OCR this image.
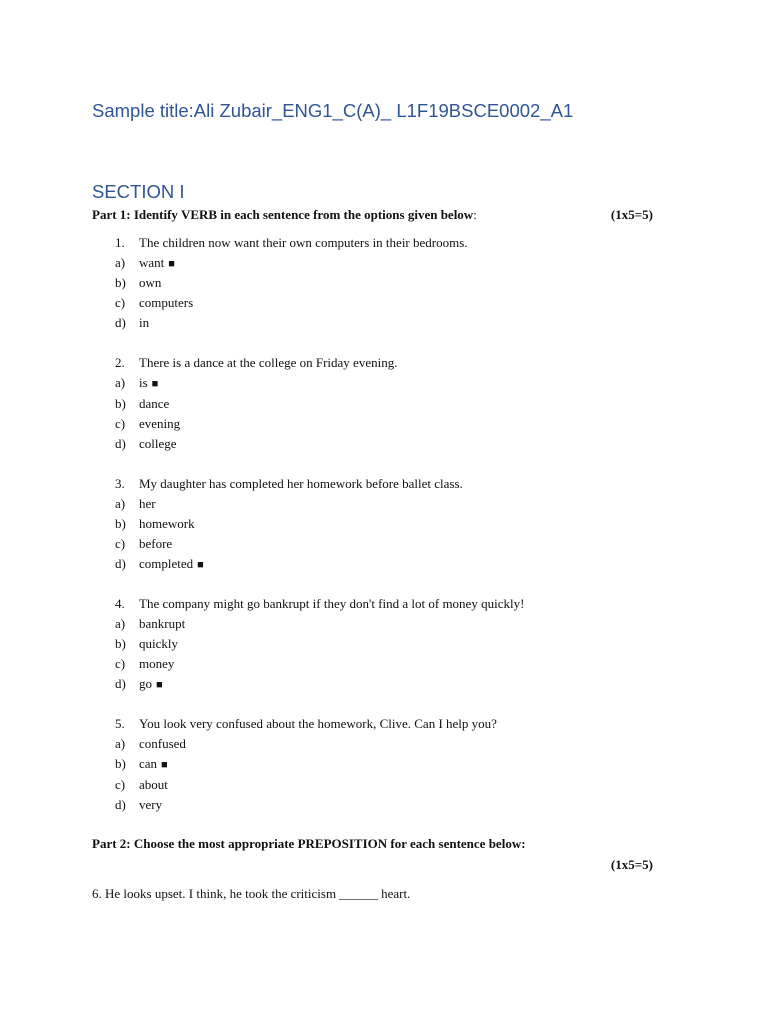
Sample title:Ali Zubair_ENG1_C(A)_ L1F19BSCE0002_A1
SECTION I
Part 1: Identify VERB in each sentence from the options given below:	(1x5=5)
1. The children now want their own computers in their bedrooms.
a) want ■
b) own
c) computers
d) in
2. There is a dance at the college on Friday evening.
a) is ■
b) dance
c) evening
d) college
3. My daughter has completed her homework before ballet class.
a) her
b) homework
c) before
d) completed ■
4. The company might go bankrupt if they don't find a lot of money quickly!
a) bankrupt
b) quickly
c) money
d) go ■
5. You look very confused about the homework, Clive. Can I help you?
a) confused
b) can ■
c) about
d) very
Part 2: Choose the most appropriate PREPOSITION for each sentence below:
(1x5=5)
6. He looks upset. I think, he took the criticism ______ heart.
